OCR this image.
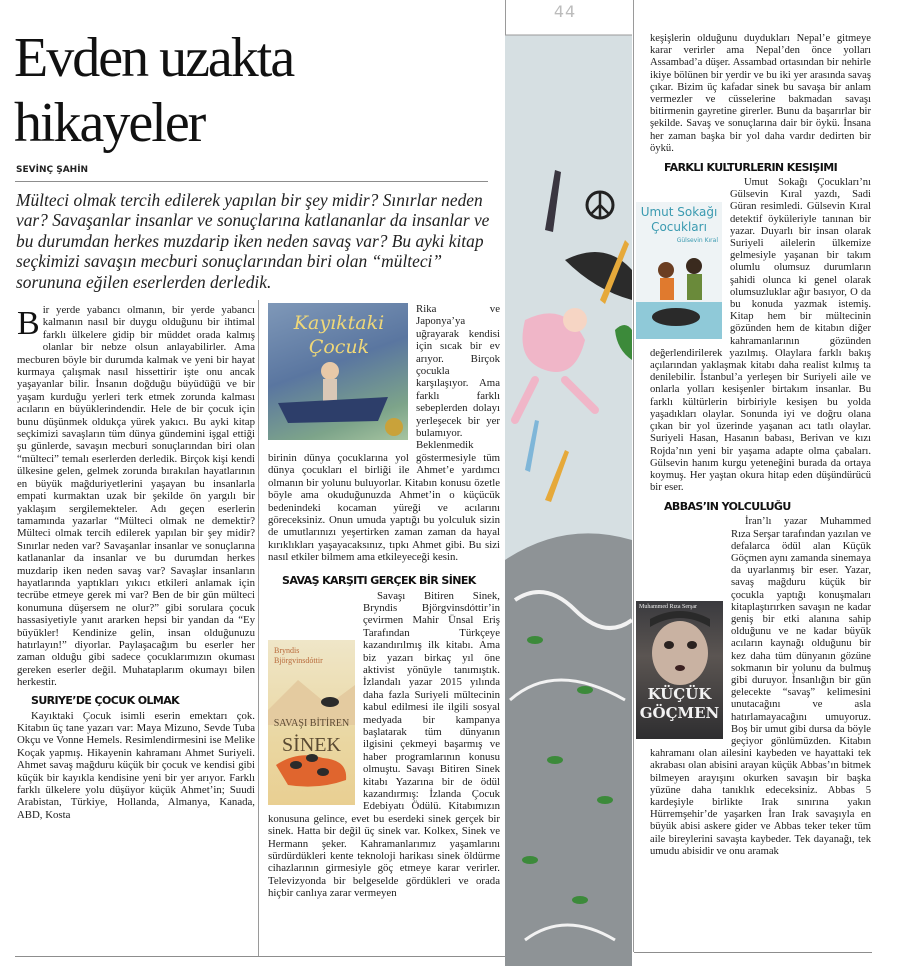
44
Evden uzakta
hikayeler
SEVİNÇ ŞAHİN

Mülteci olmak tercih edilerek yapılan bir şey midir? Sınırlar neden var? Savaşanlar insanlar ve sonuçlarına katlananlar da insanlar ve bu durumdan herkes muzdarip iken neden savaş var? Bu ayki kitap seçkimizi savaşın mecburi sonuçlarından biri olan “mülteci” sorununa eğilen eserlerden derledik.

Bir yerde yabancı olmanın, bir yerde yabancı kalmanın nasıl bir duygu olduğunu bir ihtimal farklı ülkelere gidip bir müddet orada kalmış olanlar bir nebze olsun anlayabilirler. Ama mecburen böyle bir durumda kalmak ve yeni bir hayat kurmaya çalışmak nasıl hissettirir işte onu ancak yaşayanlar bilir. İnsanın doğduğu büyüdüğü ve bir yaşam kurduğu yerleri terk etmek zorunda kalması acıların en büyüklerindendir. Hele de bir çocuk için bunu düşünmek oldukça yürek yakıcı. Bu ayki kitap seçkimizi savaşların tüm dünya gündemini işgal ettiği şu günlerde, savaşın mecburi sonuçlarından biri olan “mülteci” temalı eserlerden derledik. Birçok kişi kendi ülkesine gelen, gelmek zorunda bırakılan hayatlarının en büyük mağduriyetlerini yaşayan bu insanlarla empati kurmaktan uzak bir şekilde ön yargılı bir yaklaşım sergilemekteler. Adı geçen eserlerin tamamında yazarlar “Mülteci olmak ne demektir? Mülteci olmak tercih edilerek yapılan bir şey midir? Sınırlar neden var? Savaşanlar insanlar ve sonuçlarına katlananlar da insanlar ve bu durumdan herkes muzdarip iken neden savaş var? Savaşlar insanların hayatlarında yaptıkları yıkıcı etkileri anlamak için tecrübe etmeye gerek mi var? Ben de bir gün mülteci konumuna düşersem ne olur?” gibi sorulara çocuk hassasiyetiyle yanıt ararken hepsi bir yandan da “Ey büyükler! Kendinize gelin, insan olduğunuzu hatırlayın!” diyorlar. Paylaşacağım bu eserler her zaman olduğu gibi sadece çocuklarımızın okuması gereken eserler değil. Muhataplarım okumayı bilen herkestir.

SURIYE’DE ÇOCUK OLMAK

Kayıktaki Çocuk isimli eserin emektarı çok. Kitabın üç tane yazarı var: Maya Mizuno, Sevde Tuba Okçu ve Vonne Hemels. Resimlendirmesini ise Melike Koçak yapmış. Hikayenin kahramanı Ahmet Suriyeli. Ahmet savaş mağduru küçük bir çocuk ve kendisi gibi küçük bir kayıkla kendisine yeni bir yer arıyor. Farklı farklı ülkelere yolu düşüyor küçük Ahmet’in; Suudi Arabistan, Türkiye, Hollanda, Almanya, Kanada, ABD, Kosta

Kayıktaki Çocuk

Rika ve Japonya’ya uğrayarak kendisi için sıcak bir ev arıyor. Birçok çocukla karşılaşıyor. Ama farklı farklı sebeplerden dolayı yerleşecek bir yer bulamıyor. Beklenmedik birinin dünya çocuklarına yol göstermesiyle tüm dünya çocukları el birliği ile Ahmet’e yardımcı olmanın bir yolunu buluyorlar. Kitabın konusu özetle böyle ama okuduğunuzda Ahmet’in o küçücük bedenindeki kocaman yüreği ve acılarını göreceksiniz. Onun umuda yaptığı bu yolculuk sizin de umutlarınızı yeşertirken zaman zaman da hayal kırıklıkları yaşayacaksınız, tıpkı Ahmet gibi. Bu sizi nasıl etkiler bilmem ama etkileyeceği kesin.

SAVAŞ KARŞITI GERÇEK BİR SİNEK

Bryndis Björgvinsdóttir
SAVAŞI BİTİREN
SİNEK
Savaşı Bitiren Sinek, Bryndis Björgvinsdóttir’in çevirmen Mahir Ünsal Eriş Tarafından Türkçeye kazandırılmış ilk kitabı. Ama biz yazarı birkaç yıl öne aktivist yönüyle tanımıştık. İzlandalı yazar 2015 yılında daha fazla Suriyeli mültecinin kabul edilmesi ile ilgili sosyal medyada bir kampanya başlatarak tüm dünyanın ilgisini çekmeyi başarmış ve haber programlarının konusu olmuştu. Savaşı Bitiren Sinek kitabı Yazarına bir de ödül kazandırmış: İzlanda Çocuk Edebiyatı Ödülü. Kitabımızın konusuna gelince, evet bu eserdeki sinek gerçek bir sinek. Hatta bir değil üç sinek var. Kolkex, Sinek ve Hermann şeker. Kahramanlarımız yaşamlarını sürdürdükleri kente teknoloji harikası sinek öldürme cihazlarının girmesiyle göç etmeye karar verirler. Televizyonda bir belgeselde gördükleri ve orada hiçbir canlıya zarar vermeyen

keşişlerin olduğunu duydukları Nepal’e gitmeye karar verirler ama Nepal’den önce yolları Assambad’a düşer. Assambad ortasından bir nehirle ikiye bölünen bir yerdir ve bu iki yer arasında savaş çıkar. Bizim üç kafadar sinek bu savaşa bir anlam vermezler ve cüsselerine bakmadan savaşı bitirmenin gayretine girerler. Bunu da başarırlar bir şekilde. Savaş ve sonuçlarına dair bir öykü. İnsana her zaman başka bir yol daha vardır dedirten bir öykü.

FARKLI KULTURLERIN KESIŞIMI

Umut Sokağı
Çocukları
Gülsevin Kıral
Umut Sokağı Çocukları’nı Gülsevin Kıral yazdı, Sadi Güran resimledi. Gülsevin Kıral detektif öyküleriyle tanınan bir yazar. Duyarlı bir insan olarak Suriyeli ailelerin ülkemize gelmesiyle yaşanan bir takım olumlu olumsuz durumların şahidi olunca ki genel olarak olumsuzluklar ağır basıyor, O da bu konuda yazmak istemiş. Kitap hem bir mültecinin gözünden hem de kitabın diğer kahramanlarının gözünden değerlendirilerek yazılmış. Olaylara farklı bakış açılarından yaklaşmak kitabı daha realist kılmış ta denilebilir. İstanbul’a yerleşen bir Suriyeli aile ve onlarla yolları kesişenler birtakım insanlar. Bu farklı kültürlerin birbiriyle kesişen bu yolda yaşadıkları olaylar. Sonunda iyi ve doğru olana çıkan bir yol üzerinde yaşanan acı tatlı olaylar. Suriyeli Hasan, Hasanın babası, Berivan ve kızı Rojda’nın yeni bir yaşama adapte olma çabaları. Gülsevin hanım kurgu yeteneğini burada da ortaya koymuş. Her yaştan okura hitap eden düşündürücü bir eser.

ABBAS’IN YOLCULUĞU

Muhammed Rıza Serşar
KÜÇÜK
GÖÇMEN
İran’lı yazar Muhammed Rıza Serşar tarafından yazılan ve defalarca ödül alan Küçük Göçmen aynı zamanda sinemaya da uyarlanmış bir eser. Yazar, savaş mağduru küçük bir çocukla yaptığı konuşmaları kitaplaştırırken savaşın ne kadar geniş bir etki alanına sahip olduğunu ve ne kadar büyük acıların kaynağı olduğunu bir kez daha tüm dünyanın gözüne sokmanın bir yolunu da bulmuş gibi duruyor. İnsanlığın bir gün gelecekte “savaş” kelimesini unutacağını ve asla hatırlamayacağını umuyoruz. Boş bir umut gibi dursa da böyle geçiyor gönlümüzden. Kitabın kahramanı olan ailesini kaybeden ve hayattaki tek akrabası olan abisini arayan küçük Abbas’ın bitmek bilmeyen arayışını okurken savaşın bir başka yüzüne daha tanıklık edeceksiniz. Abbas 5 kardeşiyle birlikte Irak sınırına yakın Hürremşehir’de yaşarken İran Irak savaşıyla en büyük abisi askere gider ve Abbas teker teker tüm aile bireylerini savaşta kaybeder. Tek dayanağı, tek umudu abisidir ve onu aramak
